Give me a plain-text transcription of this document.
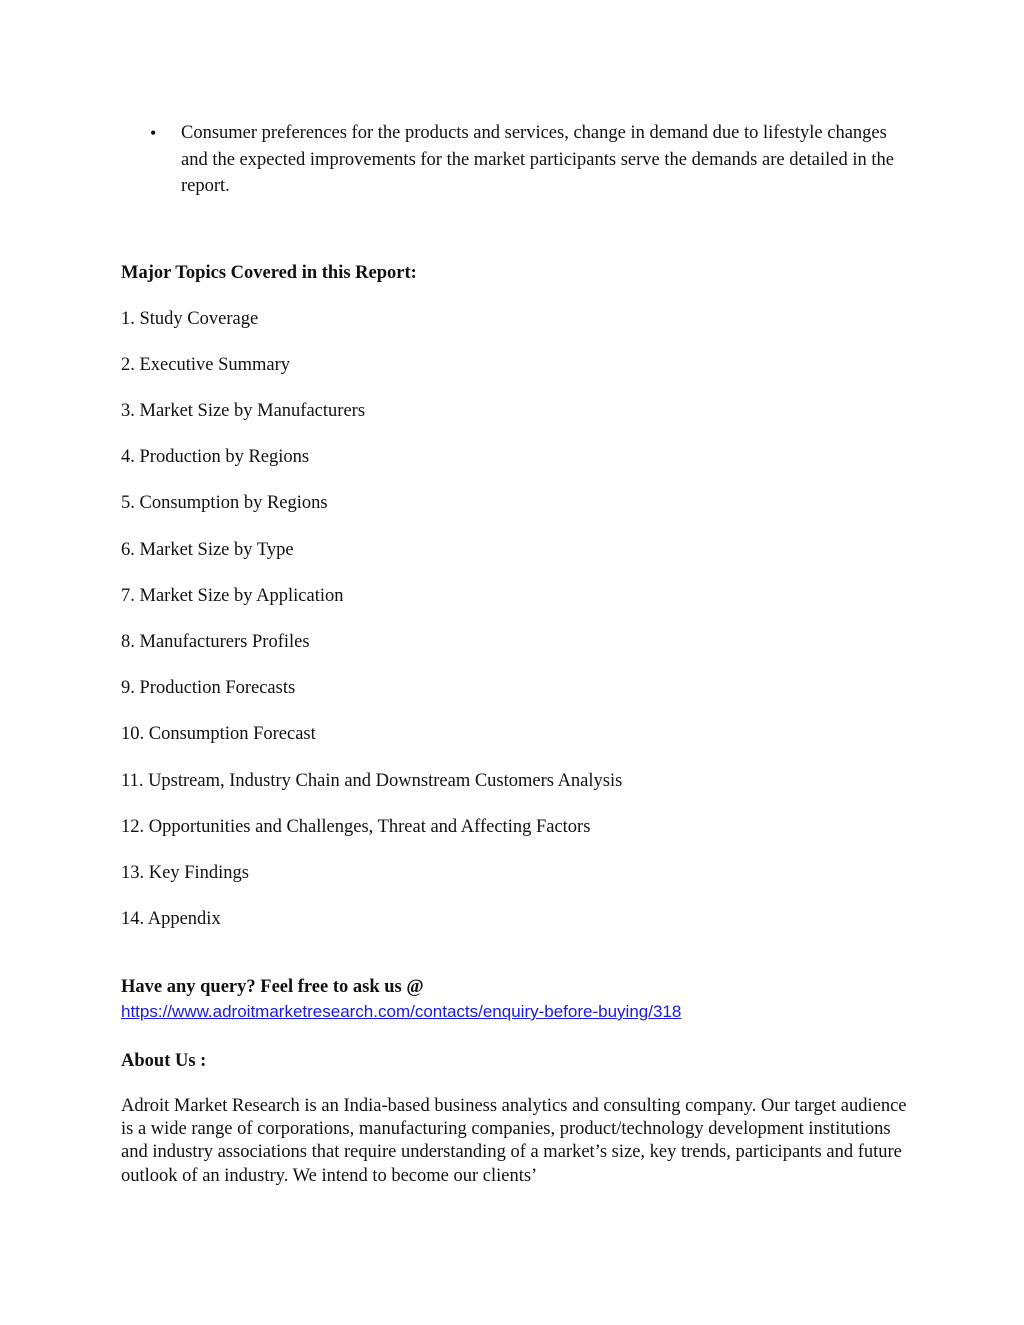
• Consumer preferences for the products and services, change in demand due to lifestyle changes and the expected improvements for the market participants serve the demands are detailed in the report.
Major Topics Covered in this Report:
1. Study Coverage
2. Executive Summary
3. Market Size by Manufacturers
4. Production by Regions
5. Consumption by Regions
6. Market Size by Type
7. Market Size by Application
8. Manufacturers Profiles
9. Production Forecasts
10. Consumption Forecast
11. Upstream, Industry Chain and Downstream Customers Analysis
12. Opportunities and Challenges, Threat and Affecting Factors
13. Key Findings
14. Appendix
Have any query? Feel free to ask us @
https://www.adroitmarketresearch.com/contacts/enquiry-before-buying/318
About Us :
Adroit Market Research is an India-based business analytics and consulting company. Our target audience is a wide range of corporations, manufacturing companies, product/technology development institutions and industry associations that require understanding of a market’s size, key trends, participants and future outlook of an industry. We intend to become our clients’
